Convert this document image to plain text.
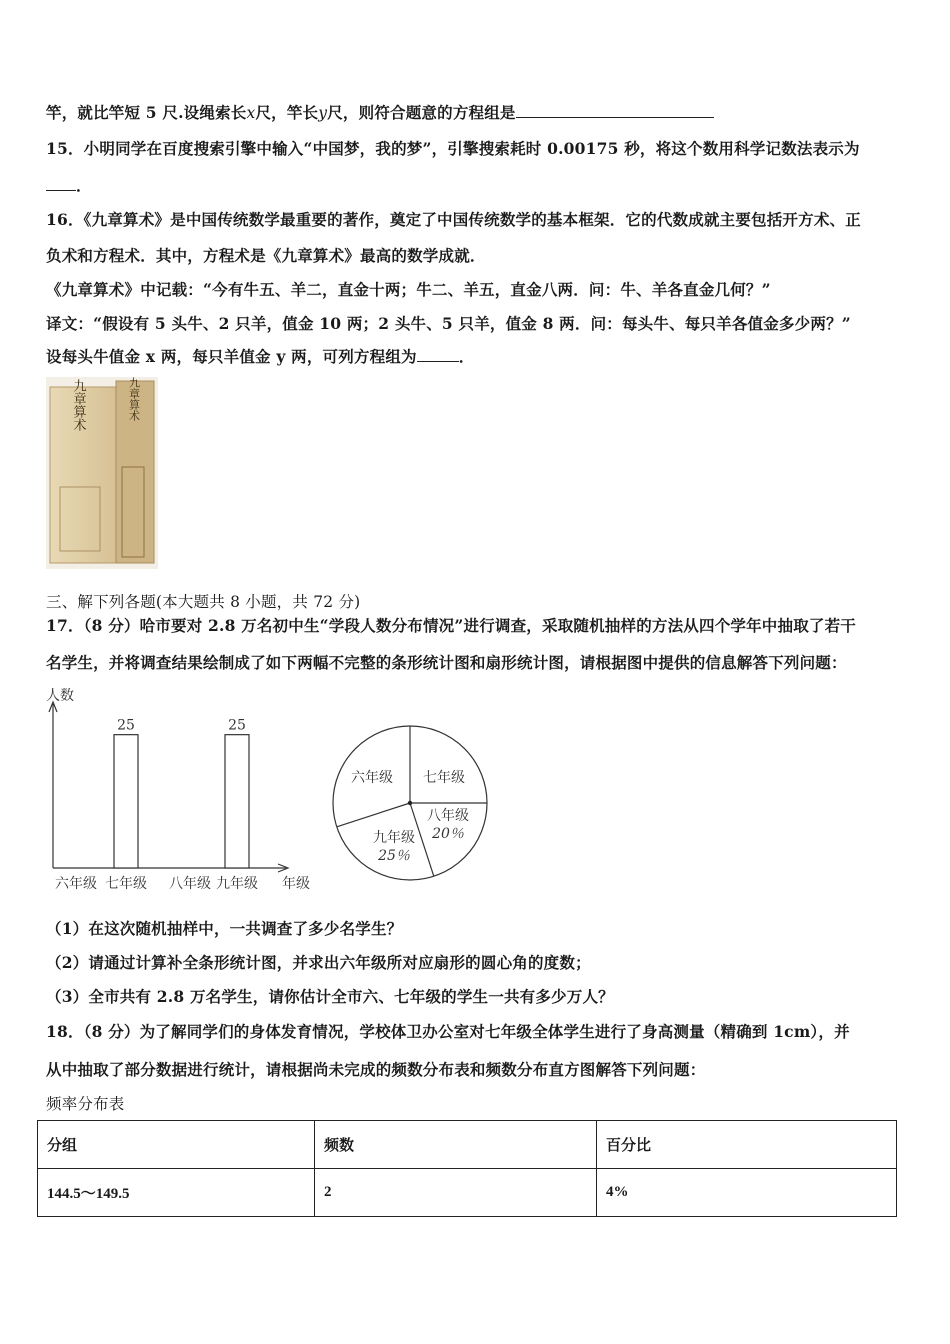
竿，就比竿短 5 尺.设绳索长x尺，竿长y尺，则符合题意的方程组是
15．小明同学在百度搜索引擎中输入“中国梦，我的梦”，引擎搜索耗时 0.00175 秒，将这个数用科学记数法表示为
．
16．《九章算术》是中国传统数学最重要的著作，奠定了中国传统数学的基本框架．它的代数成就主要包括开方术、正
负术和方程术．其中，方程术是《九章算术》最高的数学成就．
《九章算术》中记载：“今有牛五、羊二，直金十两；牛二、羊五，直金八两．问：牛、羊各直金几何？”
译文：“假设有 5 头牛、2 只羊，值金 10 两；2 头牛、5 只羊，值金 8 两．问：每头牛、每只羊各值金多少两？”
设每头牛值金 x 两，每只羊值金 y 两，可列方程组为	．
九章算术	九章算术
三、解下列各题(本大题共 8 小题，共 72 分)
17．（8 分）哈市要对 2.8 万名初中生“学段人数分布情况”进行调查，采取随机抽样的方法从四个学年中抽取了若干
名学生，并将调查结果绘制成了如下两幅不完整的条形统计图和扇形统计图，请根据图中提供的信息解答下列问题：
人数
年级
六年级 七年级
25
八年级 九年级
25
六年级 七年级
八年级
20％
九年级
25％
（1）在这次随机抽样中，一共调查了多少名学生？
（2）请通过计算补全条形统计图，并求出六年级所对应扇形的圆心角的度数；
（3）全市共有 2.8 万名学生，请你估计全市六、七年级的学生一共有多少万人？
18．（8 分）为了解同学们的身体发育情况，学校体卫办公室对七年级全体学生进行了身高测量（精确到 1cm），并
从中抽取了部分数据进行统计，请根据尚未完成的频数分布表和频数分布直方图解答下列问题：
频率分布表
分组	频数	百分比
144.5～149.5	2	4%
